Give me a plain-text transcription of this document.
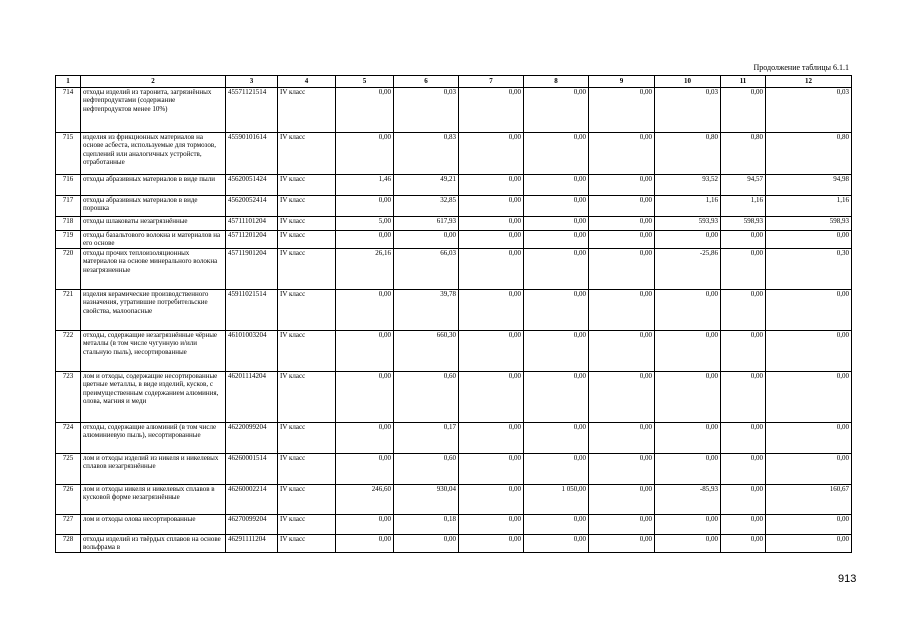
Продолжение таблицы 6.1.1
1	2	3	4	5	6	7	8	9	10	11	12
714	отходы изделий из таронита, загрязнённых нефтепродуктами (содержание нефтепродуктов менее 10%)	45571121514	IV класс	0,00	0,03	0,00	0,00	0,00	0,03	0,00	0,03
715	изделия из фрикционных материалов на основе асбеста, используемые для тормозов, сцеплений или аналогичных устройств, отработанные	45590101614	IV класс	0,00	0,83	0,00	0,00	0,00	0,80	0,80	0,80
716	отходы абразивных материалов в виде пыли	45620051424	IV класс	1,46	49,21	0,00	0,00	0,00	93,52	94,57	94,98
717	отходы абразивных материалов в виде порошка	45620052414	IV класс	0,00	32,85	0,00	0,00	0,00	1,16	1,16	1,16
718	отходы шлаковаты незагрязнённые	45711101204	IV класс	5,00	617,93	0,00	0,00	0,00	593,93	598,93	598,93
719	отходы базальтового волокна и материалов на его основе	45711201204	IV класс	0,00	0,00	0,00	0,00	0,00	0,00	0,00	0,00
720	отходы прочих теплоизоляционных материалов на основе минерального волокна незагрязненные	45711901204	IV класс	26,16	66,03	0,00	0,00	0,00	-25,86	0,00	0,30
721	изделия керамические производственного назначения, утратившие потребительские свойства, малоопасные	45911021514	IV класс	0,00	39,78	0,00	0,00	0,00	0,00	0,00	0,00
722	отходы, содержащие незагрязнённые чёрные металлы (в том числе чугунную и/или стальную пыль), несортированные	46101003204	IV класс	0,00	660,30	0,00	0,00	0,00	0,00	0,00	0,00
723	лом и отходы, содержащие несортированные цветные металлы, в виде изделий, кусков, с преимущественным содержанием алюминия, олова, магния и меди	46201114204	IV класс	0,00	0,60	0,00	0,00	0,00	0,00	0,00	0,00
724	отходы, содержащие алюминий (в том числе алюминиевую пыль), несортированные	46220099204	IV класс	0,00	0,17	0,00	0,00	0,00	0,00	0,00	0,00
725	лом и отходы изделий из никеля и никелевых сплавов незагрязнённые	46260001514	IV класс	0,00	0,60	0,00	0,00	0,00	0,00	0,00	0,00
726	лом и отходы никеля и никелевых сплавов в кусковой форме незагрязнённые	46260002214	IV класс	246,60	930,04	0,00	1 050,00	0,00	-85,93	0,00	160,67
727	лом и отходы олова несортированные	46270099204	IV класс	0,00	0,18	0,00	0,00	0,00	0,00	0,00	0,00
728	отходы изделий из твёрдых сплавов на основе вольфрама в	46291111204	IV класс	0,00	0,00	0,00	0,00	0,00	0,00	0,00	0,00
913
